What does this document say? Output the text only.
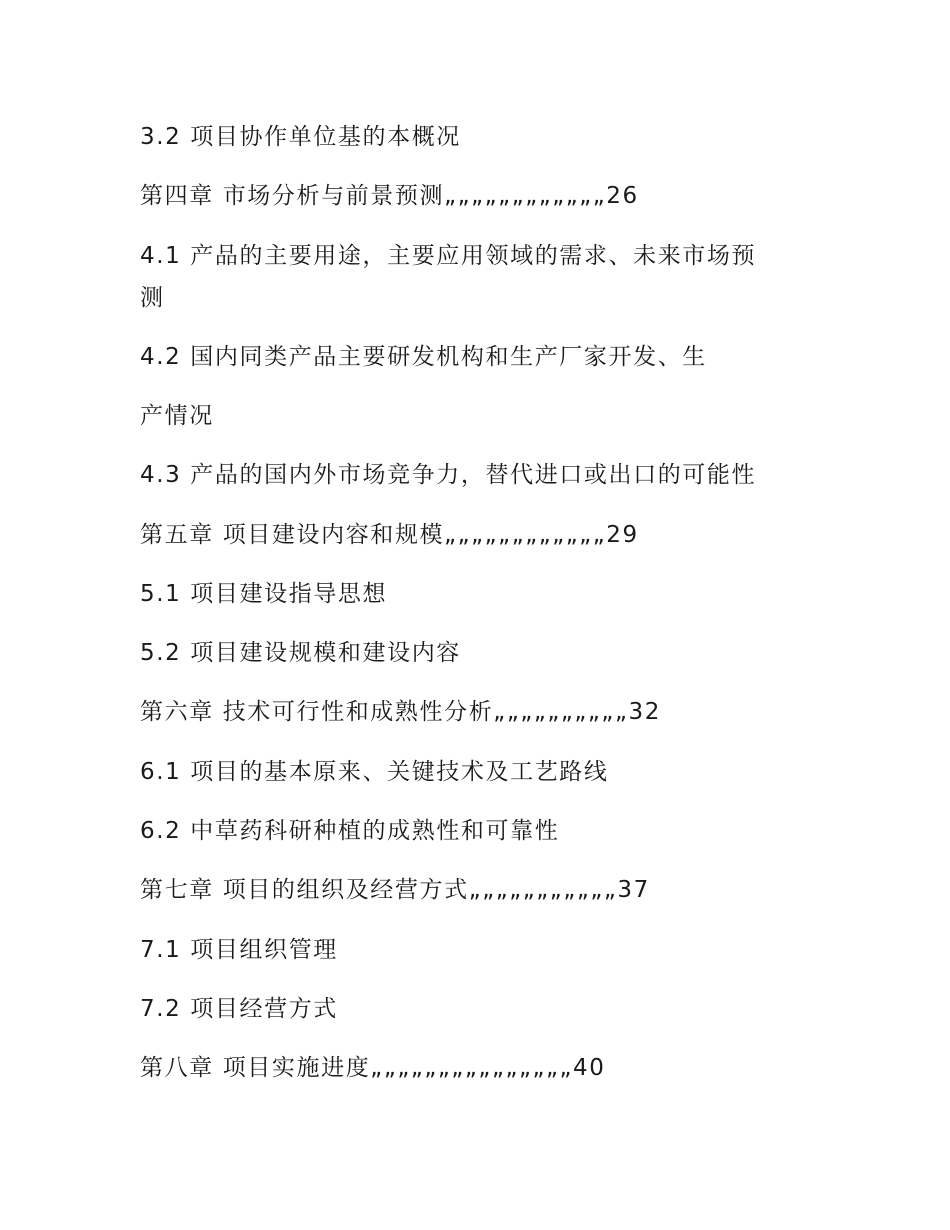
3.2 项目协作单位基的本概况
第四章 市场分析与前景预测„„„„„„„„„„„„26
4.1 产品的主要用途，主要应用领域的需求、未来市场预
测
4.2 国内同类产品主要研发机构和生产厂家开发、生
产情况
4.3 产品的国内外市场竞争力，替代进口或出口的可能性
第五章 项目建设内容和规模„„„„„„„„„„„„29
5.1 项目建设指导思想
5.2 项目建设规模和建设内容
第六章 技术可行性和成熟性分析„„„„„„„„„„32
6.1 项目的基本原来、关键技术及工艺路线
6.2 中草药科研种植的成熟性和可靠性
第七章 项目的组织及经营方式„„„„„„„„„„„37
7.1 项目组织管理
7.2 项目经营方式
第八章 项目实施进度„„„„„„„„„„„„„„„40
